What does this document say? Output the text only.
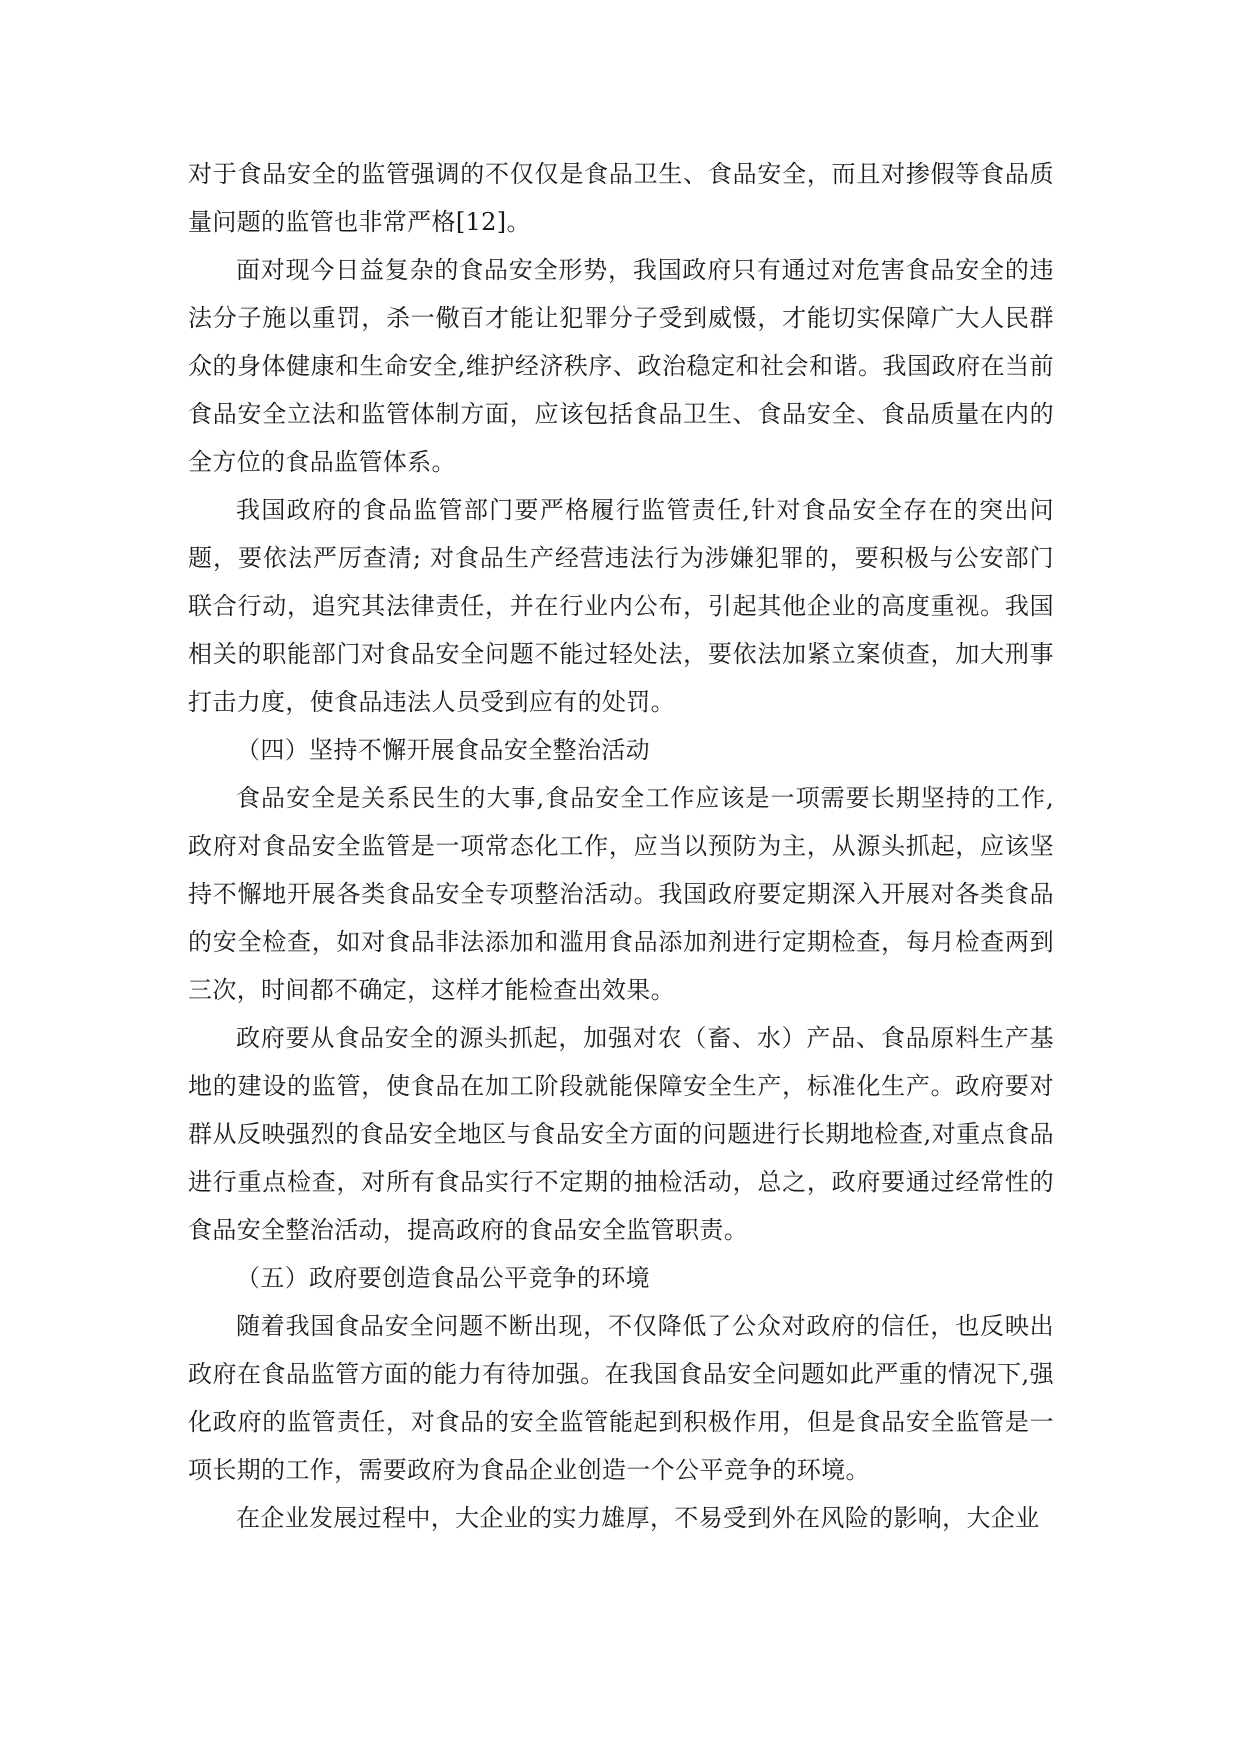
对于食品安全的监管强调的不仅仅是食品卫生、食品安全，而且对掺假等食品质量问题的监管也非常严格[12]。

面对现今日益复杂的食品安全形势，我国政府只有通过对危害食品安全的违法分子施以重罚，杀一儆百才能让犯罪分子受到威慑，才能切实保障广大人民群众的身体健康和生命安全,维护经济秩序、政治稳定和社会和谐。我国政府在当前食品安全立法和监管体制方面，应该包括食品卫生、食品安全、食品质量在内的全方位的食品监管体系。

我国政府的食品监管部门要严格履行监管责任,针对食品安全存在的突出问题，要依法严厉查清; 对食品生产经营违法行为涉嫌犯罪的，要积极与公安部门联合行动，追究其法律责任，并在行业内公布，引起其他企业的高度重视。我国相关的职能部门对食品安全问题不能过轻处法，要依法加紧立案侦查，加大刑事打击力度，使食品违法人员受到应有的处罚。

（四）坚持不懈开展食品安全整治活动

食品安全是关系民生的大事,食品安全工作应该是一项需要长期坚持的工作,政府对食品安全监管是一项常态化工作，应当以预防为主，从源头抓起，应该坚持不懈地开展各类食品安全专项整治活动。我国政府要定期深入开展对各类食品的安全检查，如对食品非法添加和滥用食品添加剂进行定期检查，每月检查两到三次，时间都不确定，这样才能检查出效果。

政府要从食品安全的源头抓起，加强对农（畜、水）产品、食品原料生产基地的建设的监管，使食品在加工阶段就能保障安全生产，标准化生产。政府要对群从反映强烈的食品安全地区与食品安全方面的问题进行长期地检查,对重点食品进行重点检查，对所有食品实行不定期的抽检活动，总之，政府要通过经常性的食品安全整治活动，提高政府的食品安全监管职责。

（五）政府要创造食品公平竞争的环境

随着我国食品安全问题不断出现，不仅降低了公众对政府的信任，也反映出政府在食品监管方面的能力有待加强。在我国食品安全问题如此严重的情况下,强化政府的监管责任，对食品的安全监管能起到积极作用，但是食品安全监管是一项长期的工作，需要政府为食品企业创造一个公平竞争的环境。

在企业发展过程中，大企业的实力雄厚，不易受到外在风险的影响，大企业
